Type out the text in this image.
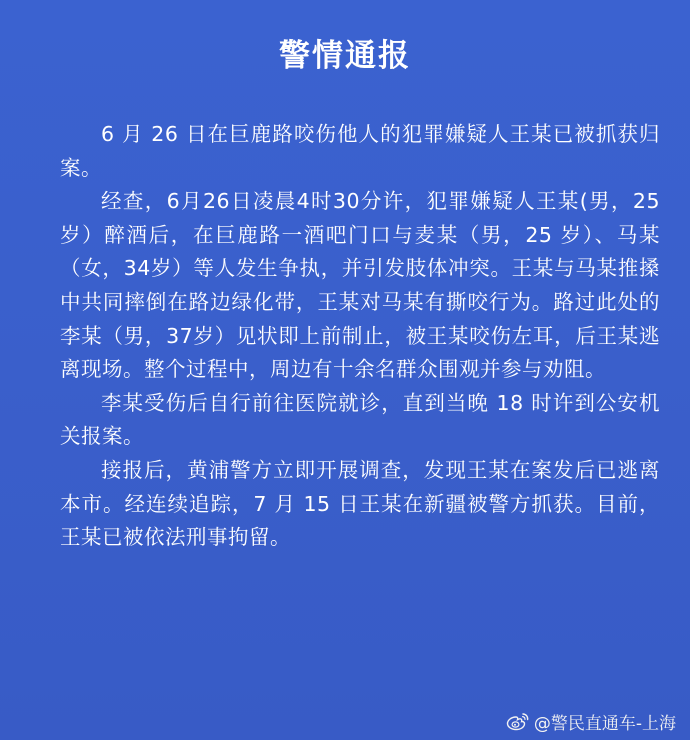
警情通报

6 月 26 日在巨鹿路咬伤他人的犯罪嫌疑人王某已被抓获归案。

经查，6月26日凌晨4时30分许，犯罪嫌疑人王某(男，25 岁）醉酒后，在巨鹿路一酒吧门口与麦某（男，25 岁）、马某（女，34岁）等人发生争执，并引发肢体冲突。王某与马某推搡中共同摔倒在路边绿化带，王某对马某有撕咬行为。路过此处的李某（男，37岁）见状即上前制止，被王某咬伤左耳，后王某逃离现场。整个过程中，周边有十余名群众围观并参与劝阻。

李某受伤后自行前往医院就诊，直到当晚 18 时许到公安机关报案。

接报后，黄浦警方立即开展调查，发现王某在案发后已逃离本市。经连续追踪，7 月 15 日王某在新疆被警方抓获。目前，王某已被依法刑事拘留。

@警民直通车-上海
